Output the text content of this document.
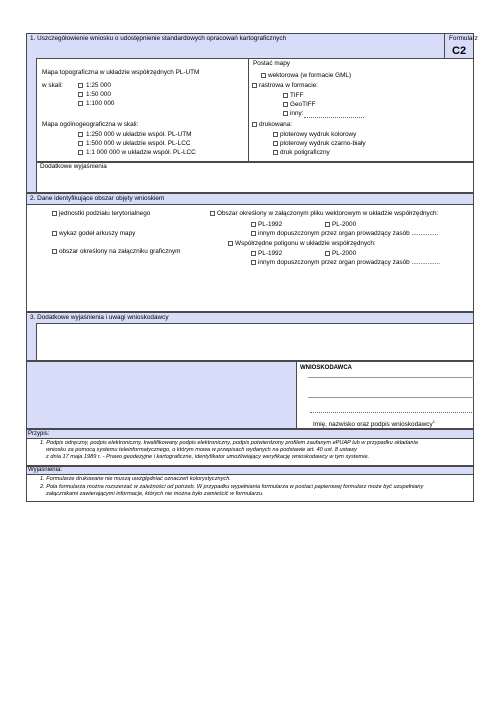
1. Uszczegółowienie wniosku o udostępnienie standardowych opracowań kartograficznych	Formularz
C2
Mapa topograficzna w układzie współrzędnych PL-UTM
w skali:	1:25 000
1:50 000
1:100 000
Mapa ogólnogeograficzna w skali:
1:250 000 w układzie współ. PL-UTM
1:500 000 w układzie współ. PL-LCC
1:1 000 000 w układzie współ. PL-LCC
Postać mapy
wektorowa (w formacie GML)
rastrowa w formacie:
TIFF
GeoTIFF
inny:
drukowana:
ploterowy wydruk kolorowy
ploterowy wydruk czarno-biały
druk poligraficzny
Dodatkowe wyjaśnienia
2. Dane identyfikujące obszar objęty wnioskiem
jednostki podziału terytorialnego
wykaz godeł arkuszy mapy
obszar określony na załączniku graficznym
Obszar określony w załączonym pliku wektorowym w układzie współrzędnych:
PL-1992	PL-2000
innym dopuszczonym przez organ prowadzący zasób ...............
Współrzędne poligonu w układzie współrzędnych:
PL-1992	PL-2000
innym dopuszczonym przez organ prowadzący zasób ................
3. Dodatkowe wyjaśnienia i uwagi wnioskodawcy
WNIOSKODAWCA
Imię, nazwisko oraz podpis wnioskodawcy$^1$
Przypis:
1. Podpis odręczny, podpis elektroniczny, kwalifikowany podpis elektroniczny, podpis potwierdzony profilem zaufanym ePUAP lub w przypadku składania
wniosku za pomocą systemu teleinformatycznego, o którym mowa w przepisach wydanych na podstawie art. 40 ust. 8 ustawy
z dnia 17 maja 1989 r. - Prawo geodezyjne i kartograficzne, identyfikator umożliwiający weryfikację wnioskodawcy w tym systemie.
Wyjaśnienia:
1. Formularze drukowane nie muszą uwzględniać oznaczeń kolorystycznych.
2. Pola formularza można rozszerzać w zależności od potrzeb. W przypadku wypełniania formularza w postaci papierowej formularz może być uzupełniany
załącznikami zawierającymi informacje, których nie można było zamieścić w formularzu.
